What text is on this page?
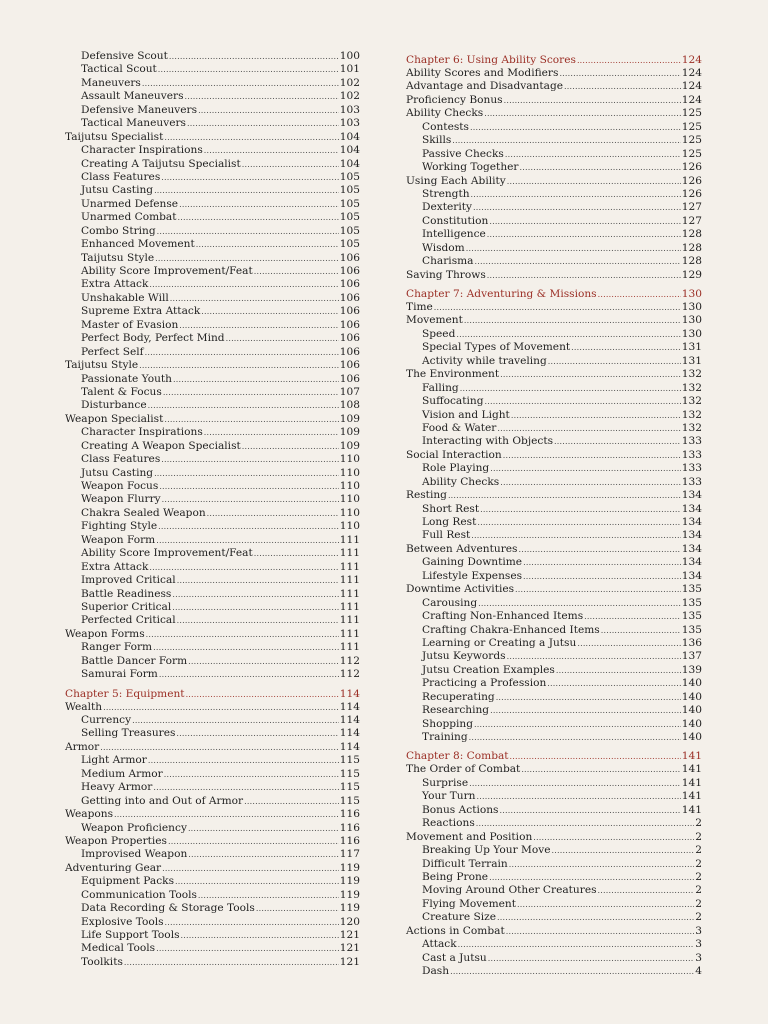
Defensive Scout .....	100
Tactical Scout .....	101
Maneuvers .....	102
Assault Maneuvers .....	102
Defensive Maneuvers .....	103
Tactical Maneuvers .....	103
Taijutsu Specialist .....	104
Character Inspirations .....	104
Creating A Taijutsu Specialist .....	104
Class Features .....	105
Jutsu Casting .....	105
Unarmed Defense .....	105
Unarmed Combat .....	105
Combo String .....	105
Enhanced Movement .....	105
Taijutsu Style .....	106
Ability Score Improvement/Feat .....	106
Extra Attack .....	106
Unshakable Will .....	106
Supreme Extra Attack .....	106
Master of Evasion .....	106
Perfect Body, Perfect Mind .....	106
Perfect Self .....	106
Taijutsu Style .....	106
Passionate Youth .....	106
Talent & Focus .....	107
Disturbance .....	108
Weapon Specialist .....	109
Character Inspirations .....	109
Creating A Weapon Specialist .....	109
Class Features .....	110
Jutsu Casting .....	110
Weapon Focus .....	110
Weapon Flurry .....	110
Chakra Sealed Weapon .....	110
Fighting Style .....	110
Weapon Form .....	111
Ability Score Improvement/Feat .....	111
Extra Attack .....	111
Improved Critical .....	111
Battle Readiness .....	111
Superior Critical .....	111
Perfected Critical .....	111
Weapon Forms .....	111
Ranger Form .....	111
Battle Dancer Form .....	112
Samurai Form .....	112
Chapter 5: Equipment .....	114
Wealth .....	114
Currency .....	114
Selling Treasures .....	114
Armor .....	114
Light Armor .....	115
Medium Armor .....	115
Heavy Armor .....	115
Getting into and Out of Armor .....	115
Weapons .....	116
Weapon Proficiency .....	116
Weapon Properties .....	116
Improvised Weapon .....	117
Adventuring Gear .....	119
Equipment Packs .....	119
Communication Tools .....	119
Data Recording & Storage Tools .....	119
Explosive Tools .....	120
Life Support Tools .....	121
Medical Tools .....	121
Toolkits .....	121
Chapter 6: Using Ability Scores .....	124
Ability Scores and Modifiers .....	124
Advantage and Disadvantage .....	124
Proficiency Bonus .....	124
Ability Checks .....	125
Contests .....	125
Skills .....	125
Passive Checks .....	125
Working Together .....	126
Using Each Ability .....	126
Strength .....	126
Dexterity .....	127
Constitution .....	127
Intelligence .....	128
Wisdom .....	128
Charisma .....	128
Saving Throws .....	129
Chapter 7: Adventuring & Missions .....	130
Time .....	130
Movement .....	130
Speed .....	130
Special Types of Movement .....	131
Activity while traveling .....	131
The Environment .....	132
Falling .....	132
Suffocating .....	132
Vision and Light .....	132
Food & Water .....	132
Interacting with Objects .....	133
Social Interaction .....	133
Role Playing .....	133
Ability Checks .....	133
Resting .....	134
Short Rest .....	134
Long Rest .....	134
Full Rest .....	134
Between Adventures .....	134
Gaining Downtime .....	134
Lifestyle Expenses .....	134
Downtime Activities .....	135
Carousing .....	135
Crafting Non-Enhanced Items .....	135
Crafting Chakra-Enhanced Items .....	135
Learning or Creating a Jutsu .....	136
Jutsu Keywords .....	137
Jutsu Creation Examples .....	139
Practicing a Profession .....	140
Recuperating .....	140
Researching .....	140
Shopping .....	140
Training .....	140
Chapter 8: Combat .....	141
The Order of Combat .....	141
Surprise .....	141
Your Turn .....	141
Bonus Actions .....	141
Reactions .....	2
Movement and Position .....	2
Breaking Up Your Move .....	2
Difficult Terrain .....	2
Being Prone .....	2
Moving Around Other Creatures .....	2
Flying Movement .....	2
Creature Size .....	2
Actions in Combat .....	3
Attack .....	3
Cast a Jutsu .....	3
Dash .....	4
